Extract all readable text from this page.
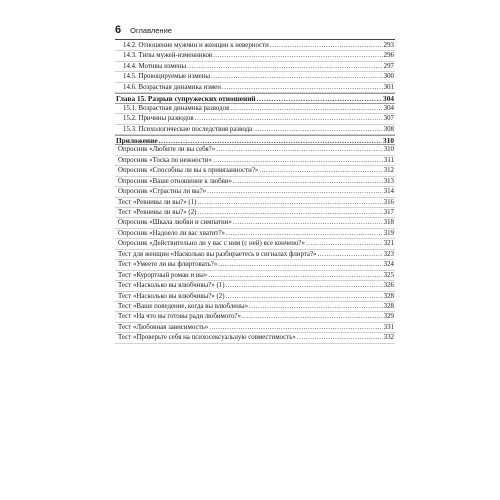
6 Оглавление
14.2. Отношение мужчин и женщин к неверности . . .	293
14.3. Типы мужей-изменников . . .	296
14.4. Мотивы измены . . .	297
14.5. Провоцируемые измены . . .	300
14.6. Возрастная динамика измен . . .	301
Глава 15. Разрыв супружеских отношений . . .	304
15.1. Возрастная динамика разводов . . .	304
15.2. Причины разводов . . .	307
15.3. Психологические последствия развода . . .	308
Приложение . . .	310
Опросник «Любите ли вы себя?» . . .	310
Опросник «Тоска по нежности» . . .	311
Опросник «Способны ли вы к привязанности?» . . .	312
Опросник «Ваше отношение к любви» . . .	313
Опросник «Страстны ли вы?» . . .	314
Тест «Ревнивы ли вы?» (1) . . .	316
Тест «Ревнивы ли вы?» (2) . . .	317
Опросник «Шкала любви и симпатии» . . .	318
Опросник «Надоело ли вас хватит?» . . .	319
Опросник «Действительно ли у вас с ним (с ней) все кончено?» . . .	321
Тест для женщин «Насколько вы разбираетесь в сигналах флирта?» . . .	323
Тест «Умеете ли вы флиртовать?» . . .	324
Тест «Курортный роман и вы» . . .	325
Тест «Насколько вы влюбчивы?» (1) . . .	326
Тест «Насколько вы влюбчивы?» (2) . . .	328
Тест «Ваше поведение, когда вы влюблены» . . .	328
Тест «На что вы готовы ради любимого?» . . .	329
Тест «Любовная зависимость» . . .	331
Тест «Проверьте себя на психосексуальную совместимость» . . .	332
